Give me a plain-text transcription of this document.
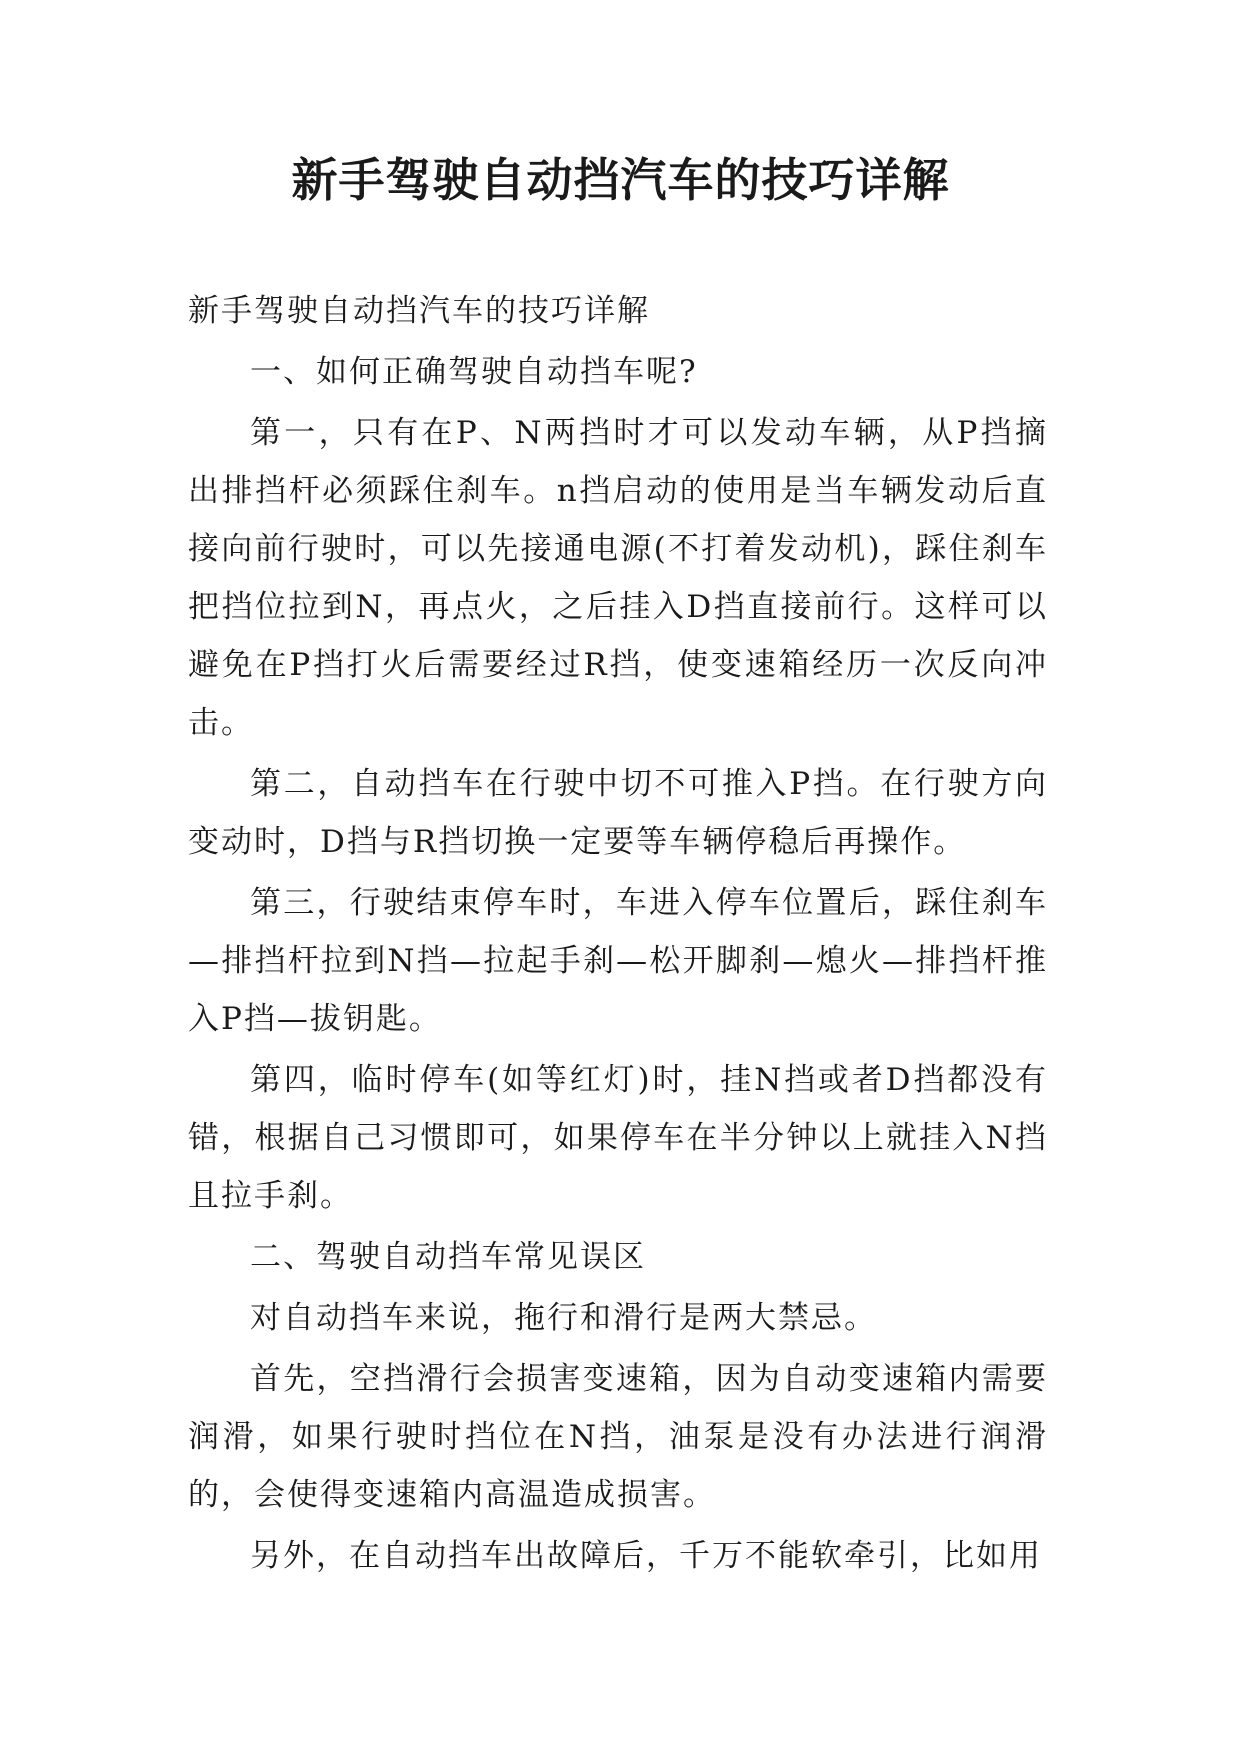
新手驾驶自动挡汽车的技巧详解

新手驾驶自动挡汽车的技巧详解

一、如何正确驾驶自动挡车呢?

第一，只有在P、N两挡时才可以发动车辆，从P挡摘出排挡杆必须踩住刹车。n挡启动的使用是当车辆发动后直接向前行驶时，可以先接通电源(不打着发动机)，踩住刹车把挡位拉到N，再点火，之后挂入D挡直接前行。这样可以避免在P挡打火后需要经过R挡，使变速箱经历一次反向冲击。

第二，自动挡车在行驶中切不可推入P挡。在行驶方向变动时，D挡与R挡切换一定要等车辆停稳后再操作。

第三，行驶结束停车时，车进入停车位置后，踩住刹车—排挡杆拉到N挡—拉起手刹—松开脚刹—熄火—排挡杆推入P挡—拔钥匙。

第四，临时停车(如等红灯)时，挂N挡或者D挡都没有错，根据自己习惯即可，如果停车在半分钟以上就挂入N挡且拉手刹。

二、驾驶自动挡车常见误区

对自动挡车来说，拖行和滑行是两大禁忌。

首先，空挡滑行会损害变速箱，因为自动变速箱内需要润滑，如果行驶时挡位在N挡，油泵是没有办法进行润滑的，会使得变速箱内高温造成损害。

另外，在自动挡车出故障后，千万不能软牵引，比如用
